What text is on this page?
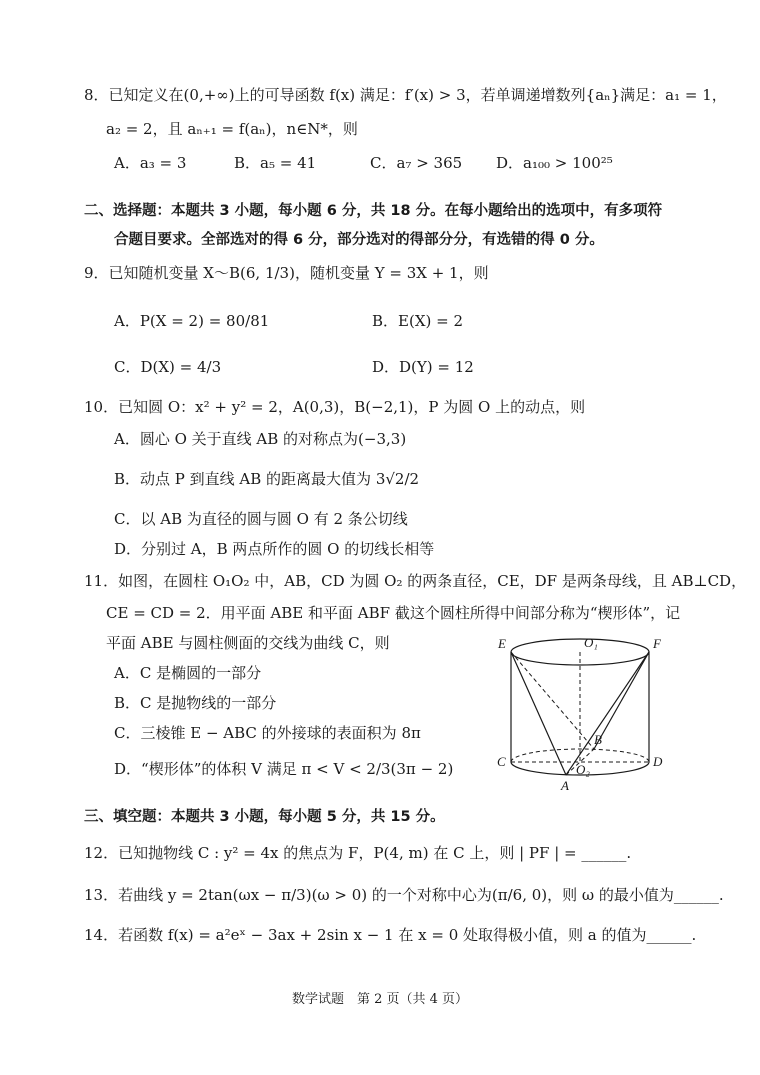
8．已知定义在(0,+∞)上的可导函数 f(x) 满足：f′(x) > 3，若单调递增数列{aₙ}满足：a₁ = 1，
a₂ = 2，且 aₙ₊₁ = f(aₙ)，n∈N*，则
A．a₃ = 3	B．a₅ = 41	C．a₇ > 365 D．a₁₀₀ > 100²⁵
二、选择题：本题共 3 小题，每小题 6 分，共 18 分。在每小题给出的选项中，有多项符
合题目要求。全部选对的得 6 分，部分选对的得部分分，有选错的得 0 分。
9．已知随机变量 X～B(6, 1/3)，随机变量 Y = 3X + 1，则
A．P(X = 2) = 80/81	B．E(X) = 2
C．D(X) = 4/3	D．D(Y) = 12
10．已知圆 O：x² + y² = 2，A(0,3)，B(−2,1)，P 为圆 O 上的动点，则
A．圆心 O 关于直线 AB 的对称点为(−3,3)
B．动点 P 到直线 AB 的距离最大值为 3√2/2
C．以 AB 为直径的圆与圆 O 有 2 条公切线
D．分别过 A，B 两点所作的圆 O 的切线长相等
11．如图，在圆柱 O₁O₂ 中，AB，CD 为圆 O₂ 的两条直径，CE，DF 是两条母线，且 AB⊥CD，
CE = CD = 2．用平面 ABE 和平面 ABF 截这个圆柱所得中间部分称为“楔形体”，记
平面 ABE 与圆柱侧面的交线为曲线 C，则
A．C 是椭圆的一部分
B．C 是抛物线的一部分
C．三棱锥 E − ABC 的外接球的表面积为 8π
D．“楔形体”的体积 V 满足 π < V < 2/3(3π − 2)
E	O₁	F
B
C
O₂
D
A
三、填空题：本题共 3 小题，每小题 5 分，共 15 分。
12．已知抛物线 C : y² = 4x 的焦点为 F，P(4, m) 在 C 上，则 | PF | = ______.
13．若曲线 y = 2tan(ωx − π/3)(ω > 0) 的一个对称中心为(π/6, 0)，则 ω 的最小值为______.
14．若函数 f(x) = a²eˣ − 3ax + 2sin x − 1 在 x = 0 处取得极小值，则 a 的值为______.
数学试题　第 2 页（共 4 页）
